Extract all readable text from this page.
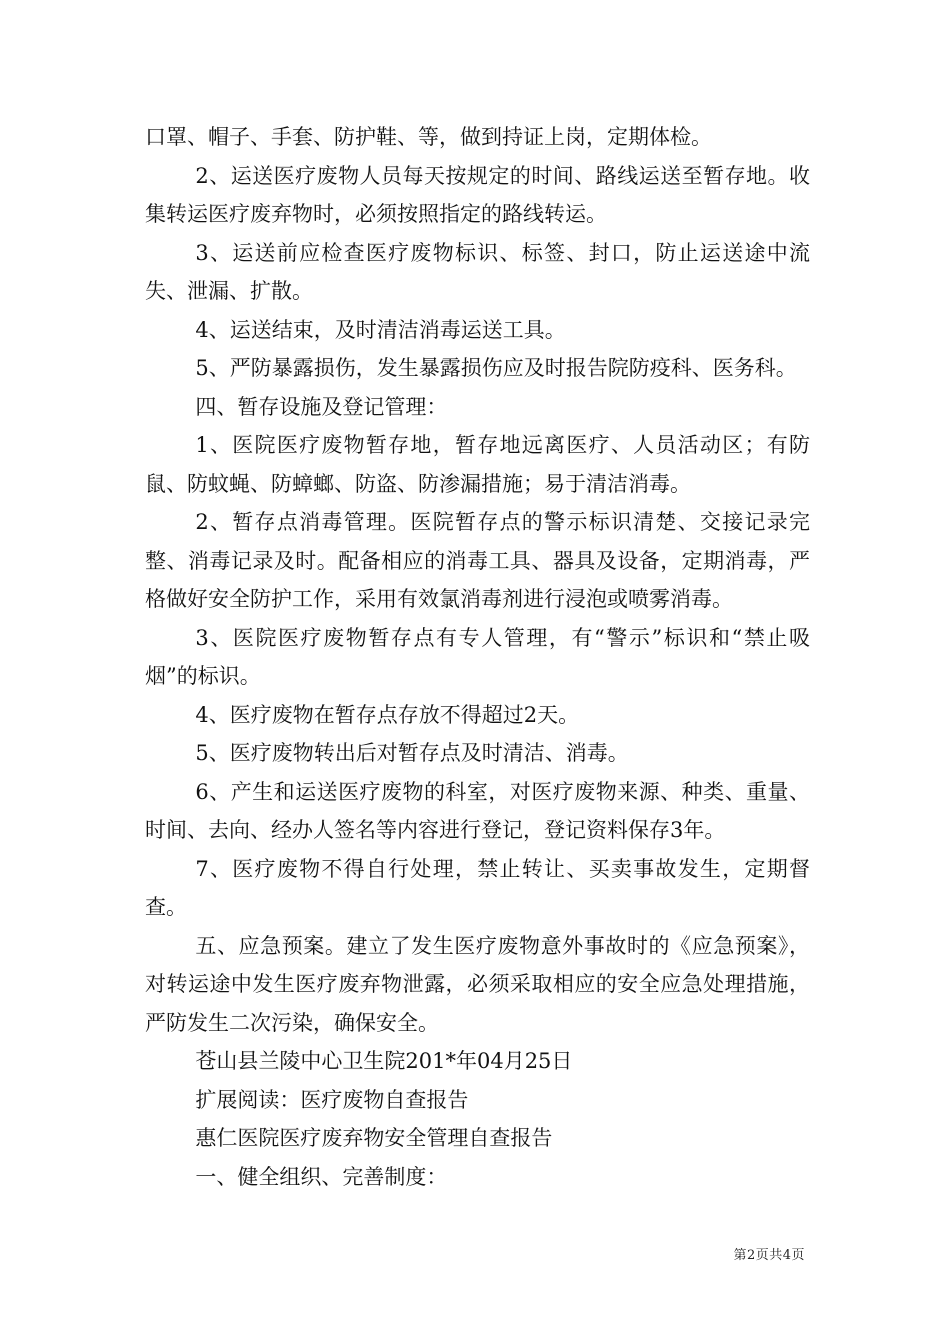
口罩、帽子、手套、防护鞋、等，做到持证上岗，定期体检。

2、运送医疗废物人员每天按规定的时间、路线运送至暂存地。收集转运医疗废弃物时，必须按照指定的路线转运。

3、运送前应检查医疗废物标识、标签、封口，防止运送途中流失、泄漏、扩散。

4、运送结束，及时清洁消毒运送工具。

5、严防暴露损伤，发生暴露损伤应及时报告院防疫科、医务科。

四、暂存设施及登记管理：

1、医院医疗废物暂存地，暂存地远离医疗、人员活动区；有防鼠、防蚊蝇、防蟑螂、防盗、防渗漏措施；易于清洁消毒。

2、暂存点消毒管理。医院暂存点的警示标识清楚、交接记录完整、消毒记录及时。配备相应的消毒工具、器具及设备，定期消毒，严格做好安全防护工作，采用有效氯消毒剂进行浸泡或喷雾消毒。

3、医院医疗废物暂存点有专人管理，有“警示”标识和“禁止吸烟”的标识。

4、医疗废物在暂存点存放不得超过2天。

5、医疗废物转出后对暂存点及时清洁、消毒。

6、产生和运送医疗废物的科室，对医疗废物来源、种类、重量、时间、去向、经办人签名等内容进行登记，登记资料保存3年。

7、医疗废物不得自行处理，禁止转让、买卖事故发生，定期督查。

五、应急预案。建立了发生医疗废物意外事故时的《应急预案》，对转运途中发生医疗废弃物泄露，必须采取相应的安全应急处理措施，严防发生二次污染，确保安全。

苍山县兰陵中心卫生院201*年04月25日

扩展阅读：医疗废物自查报告

惠仁医院医疗废弃物安全管理自查报告

一、健全组织、完善制度：

第2页共4页
